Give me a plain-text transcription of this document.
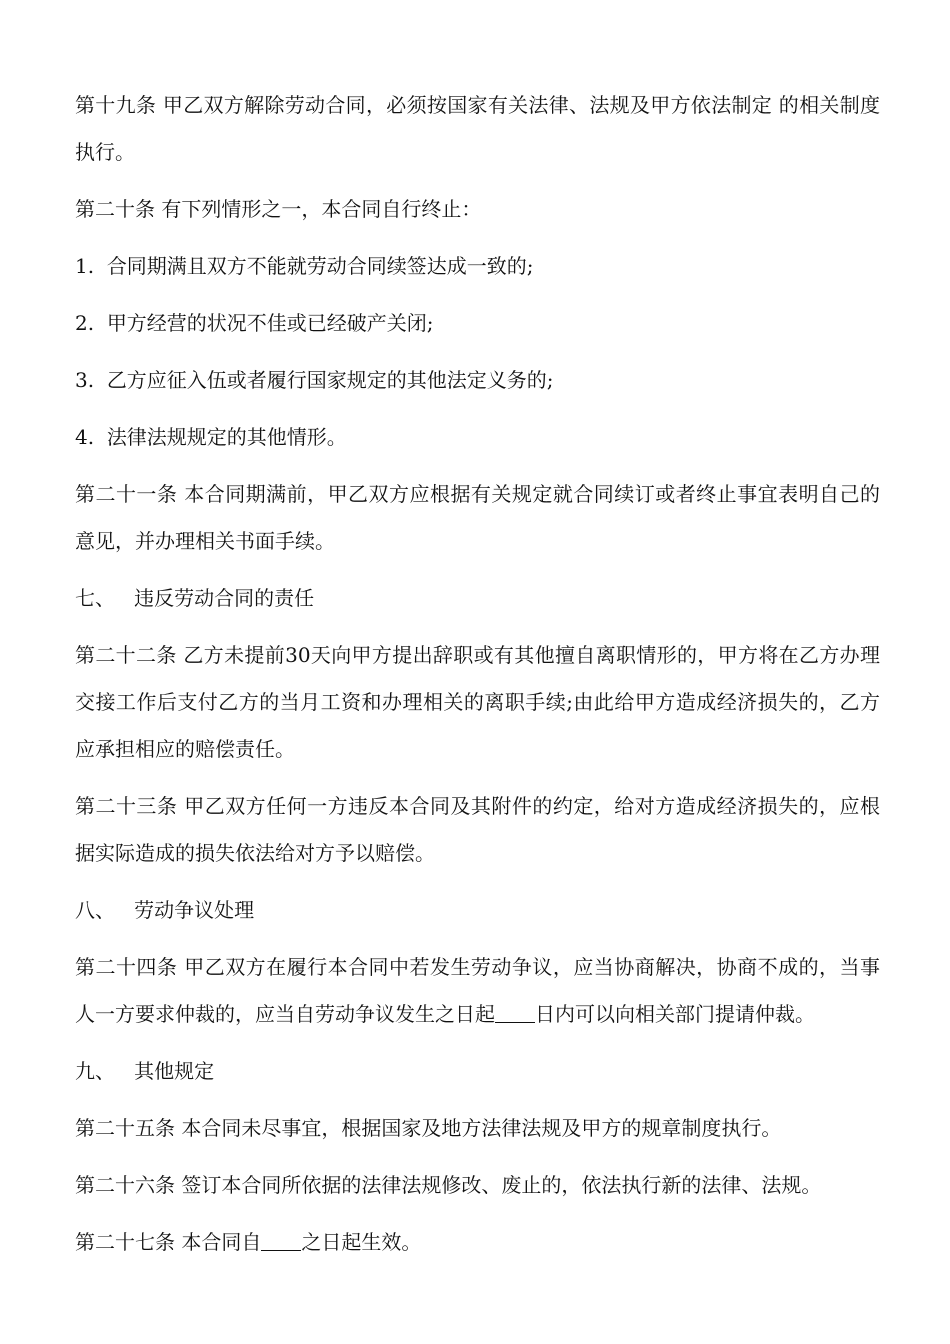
第十九条 甲乙双方解除劳动合同，必须按国家有关法律、法规及甲方依法制定 的相关制度执行。

第二十条 有下列情形之一，本合同自行终止：

1. 合同期满且双方不能就劳动合同续签达成一致的;

2. 甲方经营的状况不佳或已经破产关闭;

3. 乙方应征入伍或者履行国家规定的其他法定义务的;

4. 法律法规规定的其他情形。

第二十一条 本合同期满前，甲乙双方应根据有关规定就合同续订或者终止事宜表明自己的意见，并办理相关书面手续。

七、 违反劳动合同的责任

第二十二条 乙方未提前30天向甲方提出辞职或有其他擅自离职情形的，甲方将在乙方办理交接工作后支付乙方的当月工资和办理相关的离职手续;由此给甲方造成经济损失的，乙方应承担相应的赔偿责任。

第二十三条 甲乙双方任何一方违反本合同及其附件的约定，给对方造成经济损失的，应根据实际造成的损失依法给对方予以赔偿。

八、 劳动争议处理

第二十四条 甲乙双方在履行本合同中若发生劳动争议，应当协商解决，协商不成的，当事人一方要求仲裁的，应当自劳动争议发生之日起 日内可以向相关部门提请仲裁。

九、 其他规定

第二十五条 本合同未尽事宜，根据国家及地方法律法规及甲方的规章制度执行。

第二十六条 签订本合同所依据的法律法规修改、废止的，依法执行新的法律、法规。

第二十七条 本合同自 之日起生效。
